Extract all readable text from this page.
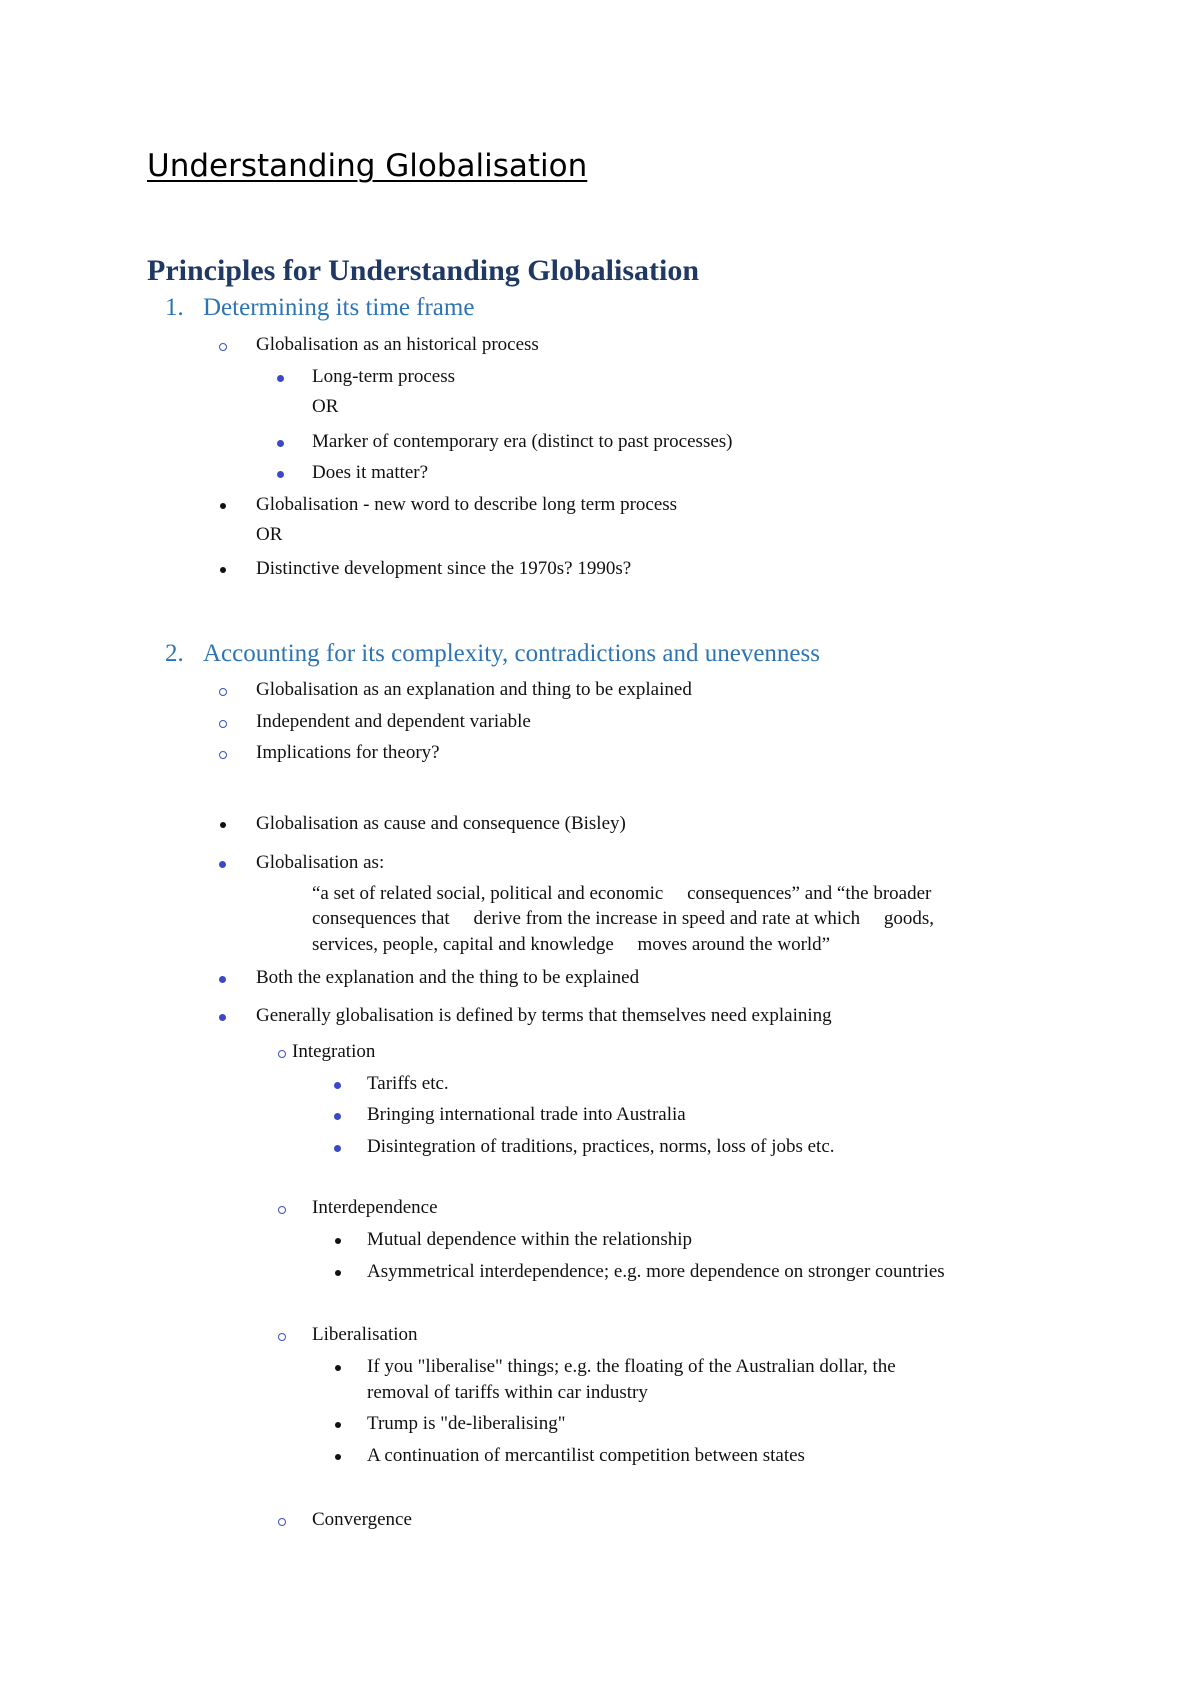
Understanding Globalisation
Principles for Understanding Globalisation
1. Determining its time frame
Globalisation as an historical process
Long-term process
OR
Marker of contemporary era (distinct to past processes)
Does it matter?
Globalisation - new word to describe long term process
OR
Distinctive development since the 1970s? 1990s?
2. Accounting for its complexity, contradictions and unevenness
Globalisation as an explanation and thing to be explained
Independent and dependent variable
Implications for theory?
Globalisation as cause and consequence (Bisley)
Globalisation as:
“a set of related social, political and economic     consequences” and “the broader
consequences that     derive from the increase in speed and rate at which     goods,
services, people, capital and knowledge     moves around the world”
Both the explanation and the thing to be explained
Generally globalisation is defined by terms that themselves need explaining
Integration
Tariffs etc.
Bringing international trade into Australia
Disintegration of traditions, practices, norms, loss of jobs etc.
Interdependence
Mutual dependence within the relationship
Asymmetrical interdependence; e.g. more dependence on stronger countries
Liberalisation
If you "liberalise" things; e.g. the floating of the Australian dollar, the
removal of tariffs within car industry
Trump is "de-liberalising"
A continuation of mercantilist competition between states
Convergence
